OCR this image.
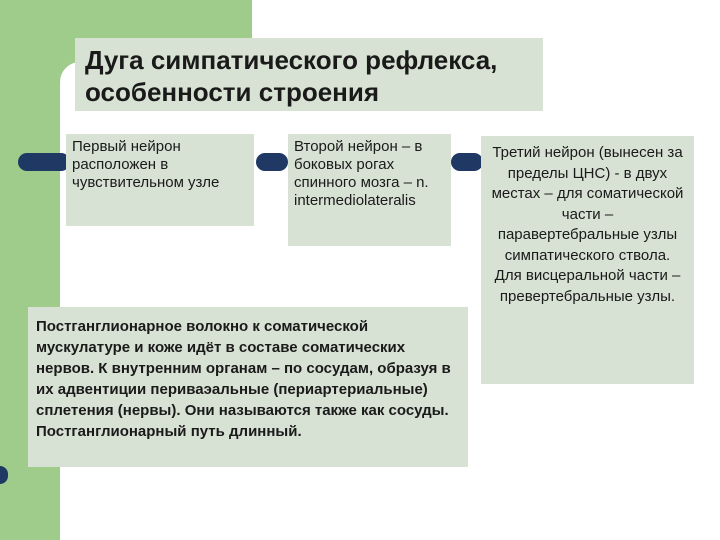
Дуга симпатического рефлекса,
особенности строения
Первый нейрон расположен в чувствительном узле
Второй нейрон – в боковых рогах спинного мозга – n. intermediolateralis
Постганглионарное волокно к соматической мускулатуре и коже идёт в составе соматических нервов. К внутренним органам – по сосудам, образуя в их адвентиции периваэальные (периартериальные) сплетения (нервы). Они называются также как сосуды. Постганглионарный путь длинный.
Третий нейрон (вынесен за пределы ЦНС) - в двух местах – для соматической части – паравертебральные узлы симпатического ствола. Для висцеральной части – превертебральные узлы.
